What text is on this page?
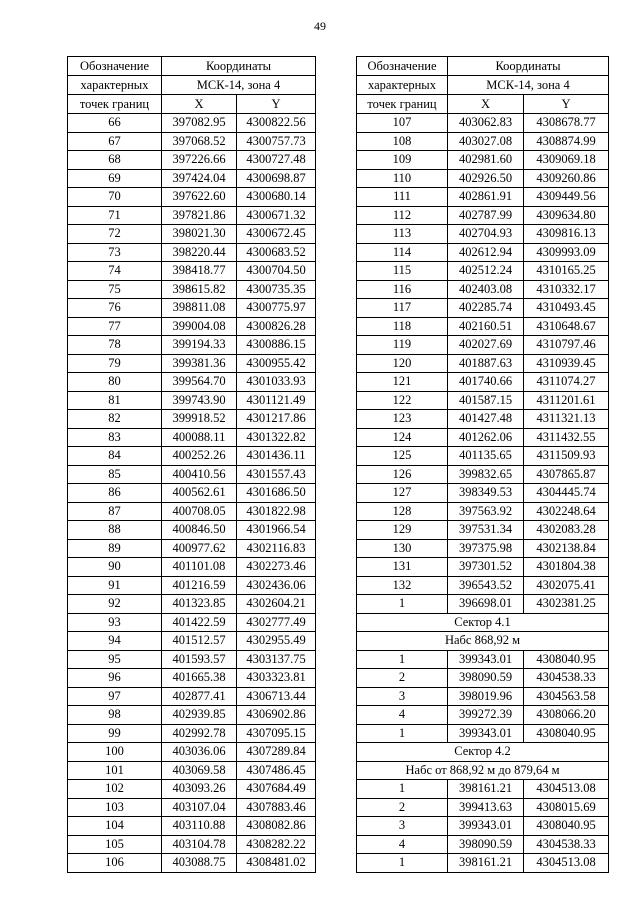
49
Обозначение	Координаты	
характерных	МСК-14, зона 4	
точек границ	X	Y
66	397082.95	4300822.56
67	397068.52	4300757.73
68	397226.66	4300727.48
69	397424.04	4300698.87
70	397622.60	4300680.14
71	397821.86	4300671.32
72	398021.30	4300672.45
73	398220.44	4300683.52
74	398418.77	4300704.50
75	398615.82	4300735.35
76	398811.08	4300775.97
77	399004.08	4300826.28
78	399194.33	4300886.15
79	399381.36	4300955.42
80	399564.70	4301033.93
81	399743.90	4301121.49
82	399918.52	4301217.86
83	400088.11	4301322.82
84	400252.26	4301436.11
85	400410.56	4301557.43
86	400562.61	4301686.50
87	400708.05	4301822.98
88	400846.50	4301966.54
89	400977.62	4302116.83
90	401101.08	4302273.46
91	401216.59	4302436.06
92	401323.85	4302604.21
93	401422.59	4302777.49
94	401512.57	4302955.49
95	401593.57	4303137.75
96	401665.38	4303323.81
97	402877.41	4306713.44
98	402939.85	4306902.86
99	402992.78	4307095.15
100	403036.06	4307289.84
101	403069.58	4307486.45
102	403093.26	4307684.49
103	403107.04	4307883.46
104	403110.88	4308082.86
105	403104.78	4308282.22
106	403088.75	4308481.02
Обозначение	Координаты	
характерных	МСК-14, зона 4	
точек границ	X	Y
107	403062.83	4308678.77
108	403027.08	4308874.99
109	402981.60	4309069.18
110	402926.50	4309260.86
111	402861.91	4309449.56
112	402787.99	4309634.80
113	402704.93	4309816.13
114	402612.94	4309993.09
115	402512.24	4310165.25
116	402403.08	4310332.17
117	402285.74	4310493.45
118	402160.51	4310648.67
119	402027.69	4310797.46
120	401887.63	4310939.45
121	401740.66	4311074.27
122	401587.15	4311201.61
123	401427.48	4311321.13
124	401262.06	4311432.55
125	401135.65	4311509.93
126	399832.65	4307865.87
127	398349.53	4304445.74
128	397563.92	4302248.64
129	397531.34	4302083.28
130	397375.98	4302138.84
131	397301.52	4301804.38
132	396543.52	4302075.41
1	396698.01	4302381.25
Сектор 4.1		
Набс 868,92 м		
1	399343.01	4308040.95
2	398090.59	4304538.33
3	398019.96	4304563.58
4	399272.39	4308066.20
1	399343.01	4308040.95
Сектор 4.2		
Набс от 868,92 м до 879,64 м		
1	398161.21	4304513.08
2	399413.63	4308015.69
3	399343.01	4308040.95
4	398090.59	4304538.33
1	398161.21	4304513.08
